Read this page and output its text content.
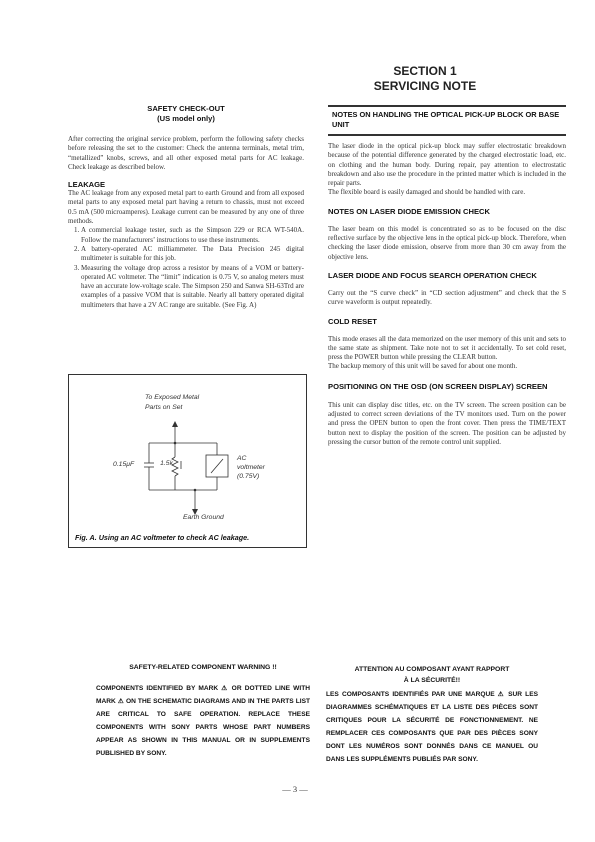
SECTION 1
SERVICING NOTE
SAFETY CHECK-OUT
(US model only)

After correcting the original service problem, perform the following safety checks before releasing the set to the customer: Check the antenna terminals, metal trim, “metallized” knobs, screws, and all other exposed metal parts for AC leakage. Check leakage as described below.

LEAKAGE

The AC leakage from any exposed metal part to earth Ground and from all exposed metal parts to any exposed metal part having a return to chassis, must not exceed 0.5 mA (500 microamperes). Leakage current can be measured by any one of three methods.

1. A commercial leakage tester, such as the Simpson 229 or RCA WT-540A. Follow the manufacturers’ instructions to use these instruments.
2. A battery-operated AC milliammeter. The Data Precision 245 digital multimeter is suitable for this job.
3. Measuring the voltage drop across a resistor by means of a VOM or battery-operated AC voltmeter. The “limit” indication is 0.75 V, so analog meters must have an accurate low-voltage scale. The Simpson 250 and Sanwa SH-63Trd are examples of a passive VOM that is suitable. Nearly all battery operated digital multimeters that have a 2V AC range are suitable. (See Fig. A)
To Exposed Metal
Parts on Set
0.15μF	1.5k
AC
voltmeter
(0.75V)
Earth Ground
Fig. A. Using an AC voltmeter to check AC leakage.
NOTES ON HANDLING THE OPTICAL PICK-UP BLOCK OR BASE UNIT

The laser diode in the optical pick-up block may suffer electrostatic breakdown because of the potential difference generated by the charged electrostatic load, etc. on clothing and the human body. During repair, pay attention to electrostatic breakdown and also use the procedure in the printed matter which is included in the repair parts.

The flexible board is easily damaged and should be handled with care.

NOTES ON LASER DIODE EMISSION CHECK

The laser beam on this model is concentrated so as to be focused on the disc reflective surface by the objective lens in the optical pick-up block. Therefore, when checking the laser diode emission, observe from more than 30 cm away from the objective lens.

LASER DIODE AND FOCUS SEARCH OPERATION CHECK

Carry out the “S curve check” in “CD section adjustment” and check that the S curve waveform is output repeatedly.

COLD RESET

This mode erases all the data memorized on the user memory of this unit and sets to the same state as shipment. Take note not to set it accidentally. To set cold reset, press the POWER button while pressing the CLEAR button.

The backup memory of this unit will be saved for about one month.

POSITIONING ON THE OSD (ON SCREEN DISPLAY) SCREEN

This unit can display disc titles, etc. on the TV screen. The screen position can be adjusted to correct screen deviations of the TV monitors used. Turn on the power and press the OPEN button to open the front cover. Then press the TIME/TEXT button next to display the position of the screen. The position can be adjusted by pressing the cursor button of the remote control unit supplied.

SAFETY-RELATED COMPONENT WARNING !!

COMPONENTS IDENTIFIED BY MARK ⚠ OR DOTTED LINE WITH MARK ⚠ ON THE SCHEMATIC DIAGRAMS AND IN THE PARTS LIST ARE CRITICAL TO SAFE OPERATION. REPLACE THESE COMPONENTS WITH SONY PARTS WHOSE PART NUMBERS APPEAR AS SHOWN IN THIS MANUAL OR IN SUPPLEMENTS PUBLISHED BY SONY.

ATTENTION AU COMPOSANT AYANT RAPPORT
À LA SÉCURITÉ!!

LES COMPOSANTS IDENTIFIÉS PAR UNE MARQUE ⚠ SUR LES DIAGRAMMES SCHÉMATIQUES ET LA LISTE DES PIÈCES SONT CRITIQUES POUR LA SÉCURITÉ DE FONCTIONNEMENT. NE REMPLACER CES COMPOSANTS QUE PAR DES PIÈCES SONY DONT LES NUMÉROS SONT DONNÉS DANS CE MANUEL OU DANS LES SUPPLÉMENTS PUBLIÉS PAR SONY.

— 3 —
